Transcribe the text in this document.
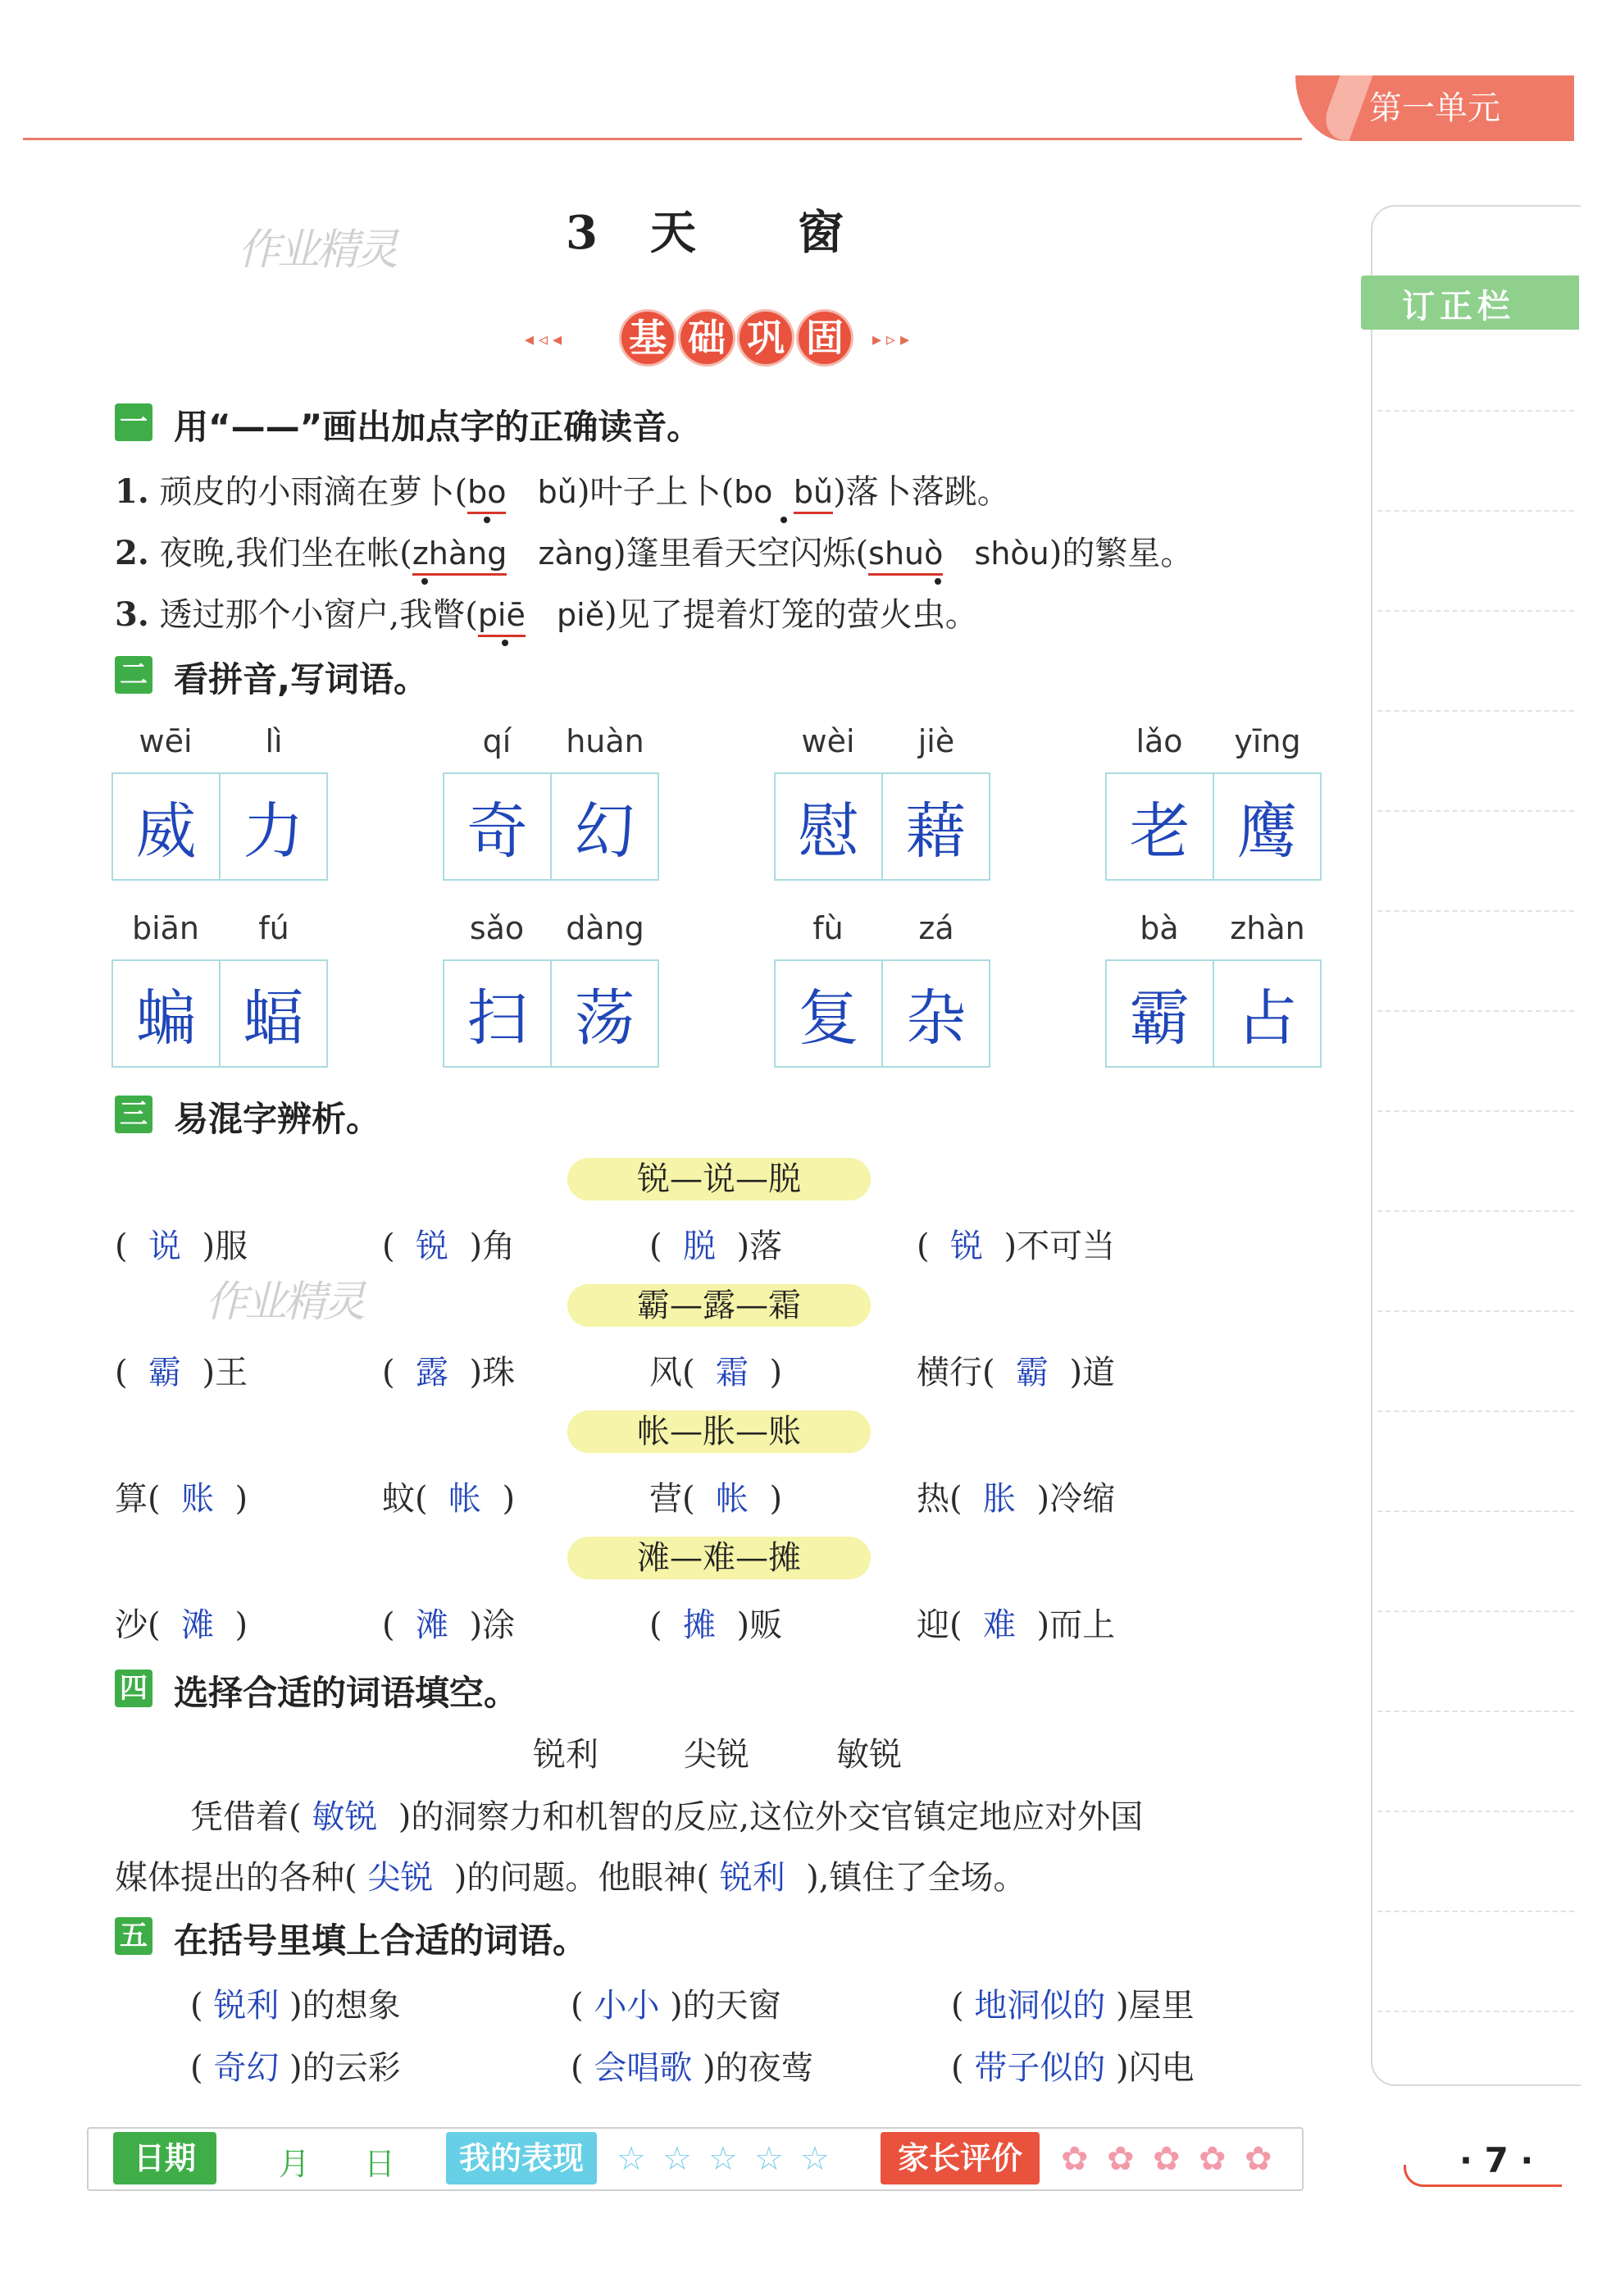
第一单元
作业精灵
作业精灵
3　 天　　窗
◂◃◂ 基 础 巩 固	▸▹▸
一 用“——”画出加点字的正确读音。
1. 顽皮的小雨滴在萝卜(bo bǔ)叶子上卜(bo bǔ)落卜落跳。
2. 夜晚,我们坐在帐(zhàng zàng)篷里看天空闪烁(shuò shòu)的繁星。
3. 透过那个小窗户,我瞥(piē piě)见了提着灯笼的萤火虫。
二 看拼音,写词语。
wēi	lì
威 力
qí	huàn
奇 幻
wèi	jiè
慰 藉
lǎo	yīng
老 鹰
biān	fú
蝙 蝠
sǎo	dàng
扫 荡
fù	zá
复 杂
bà	zhàn
霸 占
三 易混字辨析。
锐—说—脱
( 说 )服	( 锐 )角	( 脱 )落	( 锐 )不可当
霸—露—霜
( 霸 )王	( 露 )珠	风( 霜 )	横行( 霸 )道
帐—胀—账
算( 账 )	蚊( 帐 )	营( 帐 )	热( 胀 )冷缩
滩—难—摊
沙( 滩 )	( 滩 )涂	( 摊 )贩	迎( 难 )而上
四 选择合适的词语填空。
锐利	尖锐	敏锐
凭借着( 敏锐 )的洞察力和机智的反应,这位外交官镇定地应对外国
媒体提出的各种( 尖锐 )的问题。他眼神( 锐利 ),镇住了全场。
五 在括号里填上合适的词语。
( 锐利 )的想象	( 小小 )的天窗	( 地洞似的 )屋里
( 奇幻 )的云彩	( 会唱歌 )的夜莺	( 带子似的 )闪电
订正栏
日期	月 日	我的表现	☆ ☆ ☆ ☆ ☆	家长评价	✿ ✿ ✿ ✿ ✿	· 7 ·
